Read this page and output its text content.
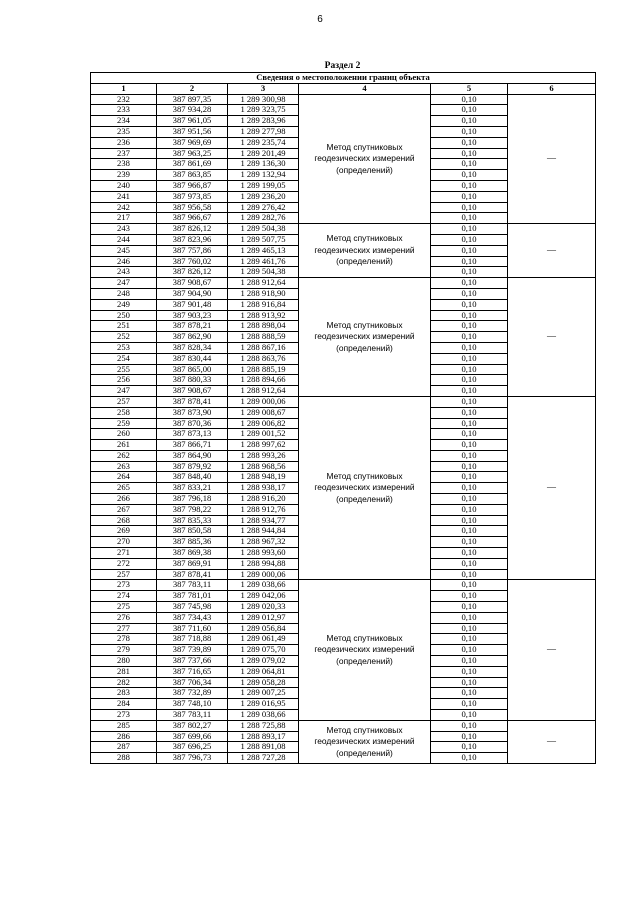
6
Раздел 2
Сведения о местоположении границ объекта					
1	2	3	4	5	6
232	387 897,35	1 289 300,98	Метод спутниковых геодезических измерений (определений)	0,10	—
233	387 934,28	1 289 323,75		0,10	
234	387 961,05	1 289 283,96		0,10	
235	387 951,56	1 289 277,98		0,10	
236	387 969,69	1 289 235,74		0,10	
237	387 963,25	1 289 201,49		0,10	
238	387 861,69	1 289 136,30		0,10	
239	387 863,85	1 289 132,94		0,10	
240	387 966,87	1 289 199,05		0,10	
241	387 973,85	1 289 236,20		0,10	
242	387 956,58	1 289 276,42		0,10	
217	387 966,67	1 289 282,76		0,10	
243	387 826,12	1 289 504,38	Метод спутниковых геодезических измерений (определений)	0,10	—
244	387 823,96	1 289 507,75		0,10	
245	387 757,86	1 289 465,13		0,10	
246	387 760,02	1 289 461,76		0,10	
243	387 826,12	1 289 504,38		0,10	
247	387 908,67	1 288 912,64	Метод спутниковых геодезических измерений (определений)	0,10	—
248	387 904,90	1 288 918,90		0,10	
249	387 901,48	1 288 916,84		0,10	
250	387 903,23	1 288 913,92		0,10	
251	387 878,21	1 288 898,04		0,10	
252	387 862,90	1 288 888,59		0,10	
253	387 828,34	1 288 867,16		0,10	
254	387 830,44	1 288 863,76		0,10	
255	387 865,00	1 288 885,19		0,10	
256	387 880,33	1 288 894,66		0,10	
247	387 908,67	1 288 912,64		0,10	
257	387 878,41	1 289 000,06	Метод спутниковых геодезических измерений (определений)	0,10	—
258	387 873,90	1 289 008,67		0,10	
259	387 870,36	1 289 006,82		0,10	
260	387 873,13	1 289 001,52		0,10	
261	387 866,71	1 288 997,62		0,10	
262	387 864,90	1 288 993,26		0,10	
263	387 879,92	1 288 968,56		0,10	
264	387 848,40	1 288 948,19		0,10	
265	387 833,21	1 288 938,17		0,10	
266	387 796,18	1 288 916,20		0,10	
267	387 798,22	1 288 912,76		0,10	
268	387 835,33	1 288 934,77		0,10	
269	387 850,58	1 288 944,84		0,10	
270	387 885,36	1 288 967,32		0,10	
271	387 869,38	1 288 993,60		0,10	
272	387 869,91	1 288 994,88		0,10	
257	387 878,41	1 289 000,06		0,10	
273	387 783,11	1 289 038,66	Метод спутниковых геодезических измерений (определений)	0,10	—
274	387 781,01	1 289 042,06		0,10	
275	387 745,98	1 289 020,33		0,10	
276	387 734,43	1 289 012,97		0,10	
277	387 711,60	1 289 056,84		0,10	
278	387 718,88	1 289 061,49		0,10	
279	387 739,89	1 289 075,70		0,10	
280	387 737,66	1 289 079,02		0,10	
281	387 716,65	1 289 064,81		0,10	
282	387 706,34	1 289 058,28		0,10	
283	387 732,89	1 289 007,25		0,10	
284	387 748,10	1 289 016,95		0,10	
273	387 783,11	1 289 038,66		0,10	
285	387 802,27	1 288 725,88	Метод спутниковых геодезических измерений (определений)	0,10	—
286	387 699,66	1 288 893,17		0,10	
287	387 696,25	1 288 891,08		0,10	
288	387 796,73	1 288 727,28		0,10	
